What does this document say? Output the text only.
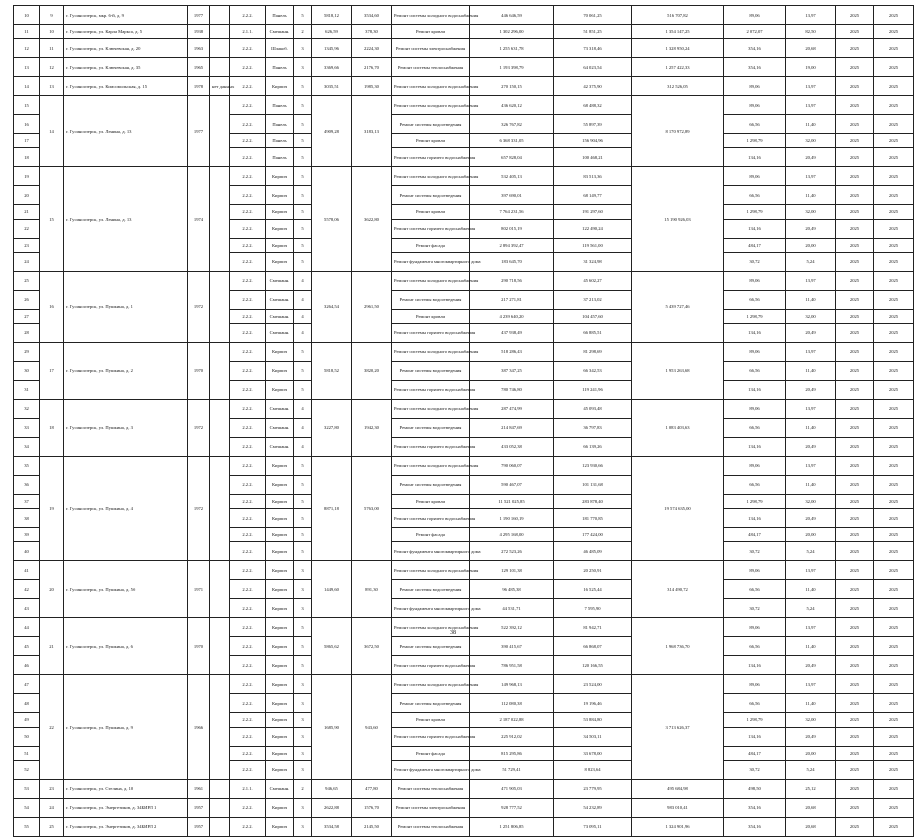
10	9	г. Гусиноозерск, мкр. 6-й, д. 9	1977		2.2.2.	Панель	5	5818,12	3534,60	Ремонт системы холодного водоснабжения	446 646,59	70 061,25	516 707,82	89,06	13,97	2025	2025
11	10	г. Гусиноозерск, ул. Карла Маркса, д. 5	1938		2.1.1.	Смешанн.	2	626,59	378,30	Ремонт кровли	1 302 296,00	51 851,25	1 354 147,25	2 072,07	82,50	2025	2025
12	11	г. Гусиноозерск, ул. Ключевская, д. 20	1963		2.2.2.	Шлакоб.	3	1345,96	2224,30	Ремонт системы электроснабжения	1 255 631,78	73 318,46	1 328 950,24	354,16	20,68	2025	2025
13	12	г. Гусиноозерск, ул. Ключевская, д. 35	1965		2.2.2.	Панель	3	3369,66	2176,70	Ремонт системы теплоснабжения	1 193 398,79	64 023,54	1 257 422,33	354,16	19,00	2025	2025
14	13	г. Гусиноозерск, ул. Комсомольская, д. 15	1978	нет данных	2.2.2.	Кирпич	5	3035,51	1985,30	Ремонт системы холодного водоснабжения	270 150,15	42 375,90	312 526,05	89,06	13,97	2025	2025
15	14	г. Гусиноозерск, ул. Ленина, д. 13	1977		2.2.2.	Панель	5	4909,28	3183,13	Ремонт системы холодного водоснабжения	436 620,12	68 488,32	8 170 972,89	89,06	13,97	2025	2025
16					2.2.2.	Панель	5			Ремонт системы водоотведения	326 767,82	55 897,39		66,56	11,40	2025	2025
17					2.2.2.	Панель	5			Ремонт кровли	6 368 331,05	156 904,96		1 298,79	32,00	2025	2025
18					2.2.2.	Панель	5			Ремонт системы горячего водоснабжения	657 828,04	100 468,21		134,16	20,49	2025	2025
19	15	г. Гусиноозерск, ул. Ленина, д. 13	1974		2.2.2.	Кирпич	5	5578,06	3622,80	Ремонт системы холодного водоснабжения	532 405,13	83 513,36	15 190 926,03	89,06	13,97	2025	2025
20					2.2.2.	Кирпич	5			Ремонт системы водоотведения	397 690,01	68 149,77		66,56	11,40	2025	2025
21					2.2.2.	Кирпич	5			Ремонт кровли	7 764 231,56	191 297,60		1 298,79	32,00	2025	2025
22					2.2.2.	Кирпич	5			Ремонт системы горячего водоснабжения	802 015,19	122 490,24		134,16	20,49	2025	2025
23					2.2.2.	Кирпич	5			Ремонт фасада	2 894 392,47	119 561,00		484,17	20,00	2025	2025
24					2.2.2.	Кирпич	5			Ремонт фундамента многоквартирного дома	183 645,70	31 324,98		30,72	5,24	2025	2025
25	16	г. Гусиноозерск, ул. Пушкина, д. 1	1972		2.2.2.	Смешанн.	4	3264,54	2961,50	Ремонт системы холодного водоснабжения	290 718,56	45 602,27	5 439 727,46	89,06	13,97	2025	2025
26					2.2.2.	Смешанн.	4			Ремонт системы водоотведения	217 271,81	37 213,02		66,56	11,40	2025	2025
27					2.2.2.	Смешанн.	4			Ремонт кровли	4 239 640,20	104 457,60		1 298,79	32,00	2025	2025
28					2.2.2.	Смешанн.	4			Ремонт системы горячего водоснабжения	437 938,49	66 885,51		134,16	20,49	2025	2025
29	17	г. Гусиноозерск, ул. Пушкина, д. 2	1970		2.2.2.	Кирпич	5	5818,52	3820,20	Ремонт системы холодного водоснабжения	518 286,43	81 298,69	1 953 263,68	89,06	13,97	2025	2025
30					2.2.2.	Кирпич	5			Ремонт системы водоотведения	387 347,25	66 342,53		66,56	11,40	2025	2025
31					2.2.2.	Кирпич	5			Ремонт системы горячего водоснабжения	780 746,80	119 241,96		134,16	20,49	2025	2025
32	18	г. Гусиноозерск, ул. Пушкина, д. 3	1972		2.2.2.	Смешанн.	4	3227,80	1942,30	Ремонт системы холодного водоснабжения	287 474,99	45 093,48	1 083 403,63	89,06	13,97	2025	2025
33					2.2.2.	Смешанн.	4			Ремонт системы водоотведения	214 847,69	36 797,83		66,56	11,40	2025	2025
34					2.2.2.	Смешанн.	4			Ремонт системы горячего водоснабжения	433 052,38	66 139,26		134,16	20,49	2025	2025
35	19	г. Гусиноозерск, ул. Пушкина, д. 4	1972		2.2.2.	Кирпич	5	8871,18	5763,00	Ремонт системы холодного водоснабжения	790 060,07	123 930,66	19 574 635,00	89,06	13,97	2025	2025
36					2.2.2.	Кирпич	5			Ремонт системы водоотведения	590 467,07	101 131,68		66,56	11,40	2025	2025
37					2.2.2.	Кирпич	5			Ремонт кровли	11 521 025,85	283 878,40		1 298,79	32,00	2025	2025
38					2.2.2.	Кирпич	5			Ремонт системы горячего водоснабжения	1 190 160,19	181 770,85		134,16	20,49	2025	2025
39					2.2.2.	Кирпич	5			Ремонт фасада	4 295 168,00	177 424,00		484,17	20,00	2025	2025
40					2.2.2.	Кирпич	5			Ремонт фундамента многоквартирного дома	272 523,26	46 485,09		30,72	5,24	2025	2025
41	20	г. Гусиноозерск, ул. Пушкина, д. 5б	1971		2.2.2.	Кирпич	3	1449,60	891,30	Ремонт системы холодного водоснабжения	129 101,38	20 250,91	314 490,72	89,06	13,97	2025	2025
42					2.2.2.	Кирпич	3			Ремонт системы водоотведения	96 485,38	16 525,44		66,56	11,40	2025	2025
43					2.2.2.	Кирпич	3			Ремонт фундамента многоквартирного дома	44 531,71	7 595,90		30,72	5,24	2025	2025
44	21	г. Гусиноозерск, ул. Пушкина, д. 6	1970		2.2.2.	Кирпич	5	5865,62	3672,50	Ремонт системы холодного водоснабжения	522 392,12	81 942,71	1 968 736,70	89,06	13,97	2025	2025
45					2.2.2.	Кирпич	5			Ремонт системы водоотведения	390 415,67	66 868,07		66,56	11,40	2025	2025
46					2.2.2.	Кирпич	5			Ремонт системы горячего водоснабжения	786 951,58	120 166,55		134,16	20,49	2025	2025
47	22	г. Гусиноозерск, ул. Пушкина, д. 9	1966		2.2.2.	Кирпич	3	1685,90	943,60	Ремонт системы холодного водоснабжения	149 968,13	23 524,00	3 713 626,37	89,06	13,97	2025	2025
48					2.2.2.	Кирпич	3			Ремонт системы водоотведения	112 080,38	19 196,46		66,56	11,40	2025	2025
49					2.2.2.	Кирпич	3			Ремонт кровли	2 187 022,88	53 884,80		1 298,79	32,00	2025	2025
50					2.2.2.	Кирпич	3			Ремонт системы горячего водоснабжения	225 912,02	34 503,11		134,16	20,49	2025	2025
51					2.2.2.	Кирпич	3			Ремонт фасада	815 295,86	33 678,00		484,17	20,00	2025	2025
52					2.2.2.	Кирпич	3			Ремонт фундамента многоквартирного дома	51 729,41	8 823,64		30,72	5,24	2025	2025
53	23	г. Гусиноозерск, ул. Стелина, д. 10	1961		2.1.1.	Смешанн.	2	946,65	477,80	Ремонт системы теплоснабжения	471 905,03	23 779,95	495 684,98	498,50	25,12	2025	2025
54	24	г. Гусиноозерск, ул. Энергетиков, д. 34БИРЛ 1	1957		2.2.2.	Кирпич	3	2622,88	1576,70	Ремонт системы электроснабжения	928 777,52	54 232,89	983 010,41	354,16	20,68	2025	2025
55	25	г. Гусиноозерск, ул. Энергетиков, д. 34БИРЛ 2	1957		2.2.2.	Кирпич	3	3534,58	2145,50	Ремонт системы теплоснабжения	1 251 806,85	73 095,11	1 324 901,96	354,16	20,68	2025	2025
38
